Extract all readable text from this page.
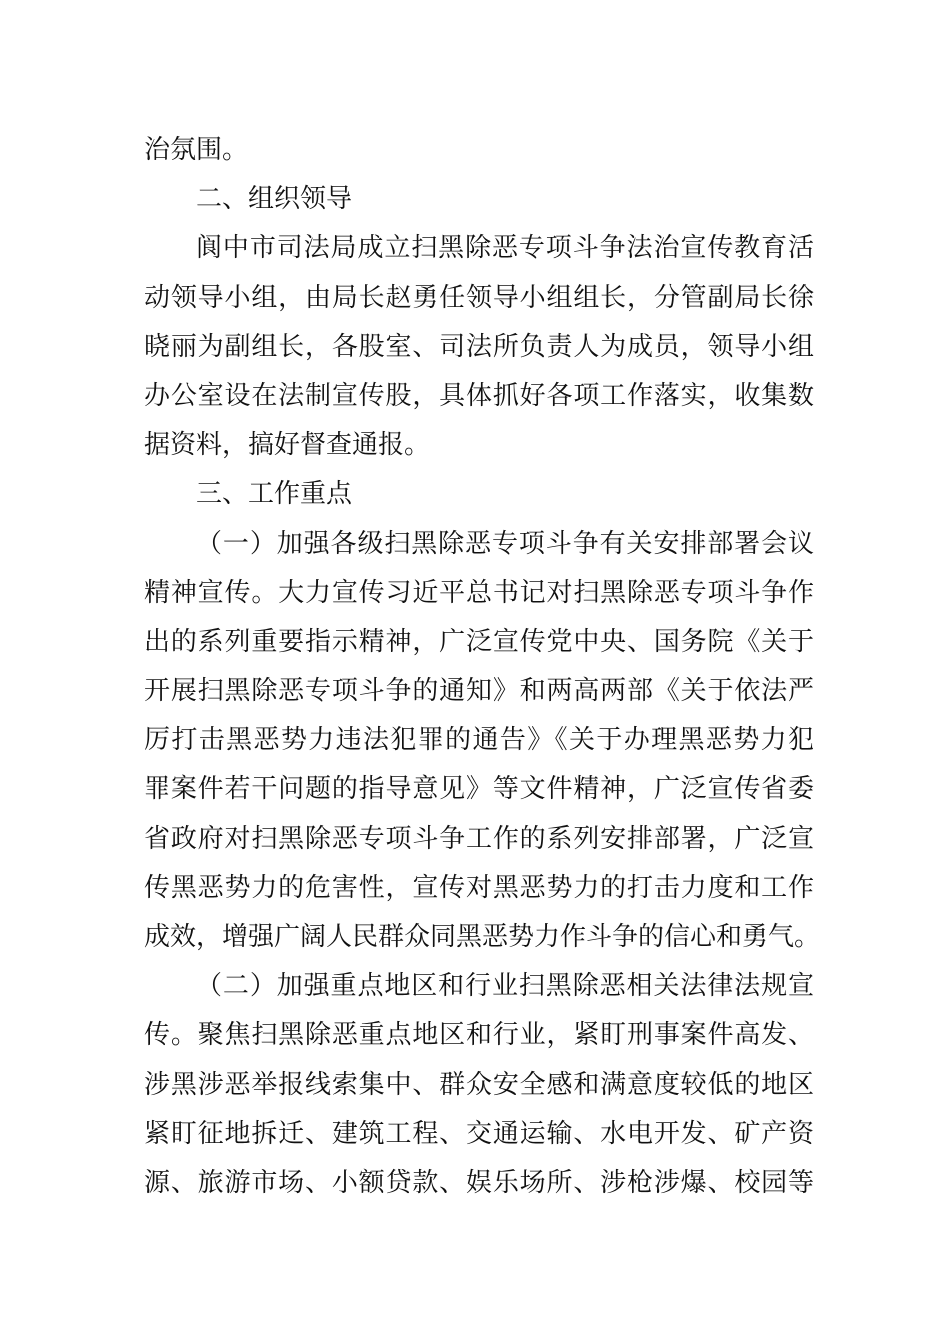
治氛围。
二、组织领导
阆中市司法局成立扫黑除恶专项斗争法治宣传教育活
动领导小组，由局长赵勇任领导小组组长，分管副局长徐
晓丽为副组长，各股室、司法所负责人为成员，领导小组
办公室设在法制宣传股，具体抓好各项工作落实，收集数
据资料，搞好督查通报。
三、工作重点
（一）加强各级扫黑除恶专项斗争有关安排部署会议
精神宣传。大力宣传习近平总书记对扫黑除恶专项斗争作
出的系列重要指示精神，广泛宣传党中央、国务院《关于
开展扫黑除恶专项斗争的通知》和两高两部《关于依法严
厉打击黑恶势力违法犯罪的通告》《关于办理黑恶势力犯
罪案件若干问题的指导意见》等文件精神，广泛宣传省委
省政府对扫黑除恶专项斗争工作的系列安排部署，广泛宣
传黑恶势力的危害性，宣传对黑恶势力的打击力度和工作
成效，增强广阔人民群众同黑恶势力作斗争的信心和勇气。
（二）加强重点地区和行业扫黑除恶相关法律法规宣
传。聚焦扫黑除恶重点地区和行业，紧盯刑事案件高发、
涉黑涉恶举报线索集中、群众安全感和满意度较低的地区
紧盯征地拆迁、建筑工程、交通运输、水电开发、矿产资
源、旅游市场、小额贷款、娱乐场所、涉枪涉爆、校园等
